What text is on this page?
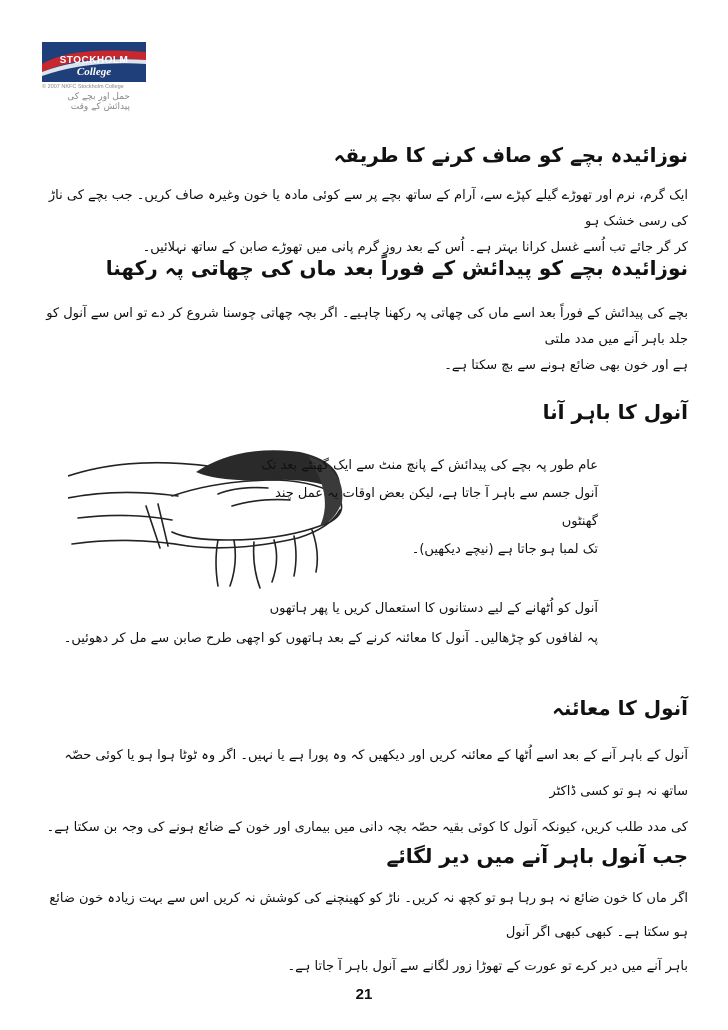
STOCKHOLM
College
© 2007 NKFC Stockholm College
حمل اور بچے کی پیدائش کے وقت
نوزائیدہ بچے کو صاف کرنے کا طریقہ
ایک گرم، نرم اور تھوڑے گیلے کپڑے سے، آرام کے ساتھ بچے پر سے کوئی مادہ یا خون وغیرہ صاف کریں۔ جب بچے کی ناڑ کی رسی خشک ہو
کر گر جائے تب اُسے غسل کرانا بہتر ہے۔ اُس کے بعد روز گرم پانی میں تھوڑے صابن کے ساتھ نہلائیں۔
نوزائیدہ بچے کو پیدائش کے فوراً بعد ماں کی چھاتی پہ رکھنا
بچے کی پیدائش کے فوراً بعد اسے ماں کی چھاتی پہ رکھنا چاہیے۔ اگر بچہ چھاتی چوسنا شروع کر دے تو اس سے آنول کو جلد باہر آنے میں مدد ملتی
ہے اور خون بھی ضائع ہونے سے بچ سکتا ہے۔
آنول کا باہر آنا
عام طور پہ بچے کی پیدائش کے پانچ منٹ سے ایک گھنٹے بعد تک
آنول جسم سے باہر آ جاتا ہے، لیکن بعض اوقات یہ عمل چند گھنٹوں
تک لمبا ہو جاتا ہے (نیچے دیکھیں)۔
آنول کو اُٹھانے کے لیے دستانوں کا استعمال کریں یا پھر ہاتھوں
پہ لفافوں کو چڑھالیں۔ آنول کا معائنہ کرنے کے بعد ہاتھوں کو اچھی طرح صابن سے مل کر دھوئیں۔
آنول کا معائنہ
آنول کے باہر آنے کے بعد اسے اُٹھا کے معائنہ کریں اور دیکھیں کہ وہ پورا ہے یا نہیں۔ اگر وہ ٹوٹا ہوا ہو یا کوئی حصّہ ساتھ نہ ہو تو کسی ڈاکٹر
کی مدد طلب کریں، کیونکہ آنول کا کوئی بقیہ حصّہ بچہ دانی میں بیماری اور خون کے ضائع ہونے کی وجہ بن سکتا ہے۔
جب آنول باہر آنے میں دیر لگائے
اگر ماں کا خون ضائع نہ ہو رہا ہو تو کچھ نہ کریں۔ ناڑ کو کھینچنے کی کوشش نہ کریں اس سے بہت زیادہ خون ضائع ہو سکتا ہے۔ کبھی کبھی اگر آنول
باہر آنے میں دیر کرے تو عورت کے تھوڑا زور لگانے سے آنول باہر آ جاتا ہے۔
21
